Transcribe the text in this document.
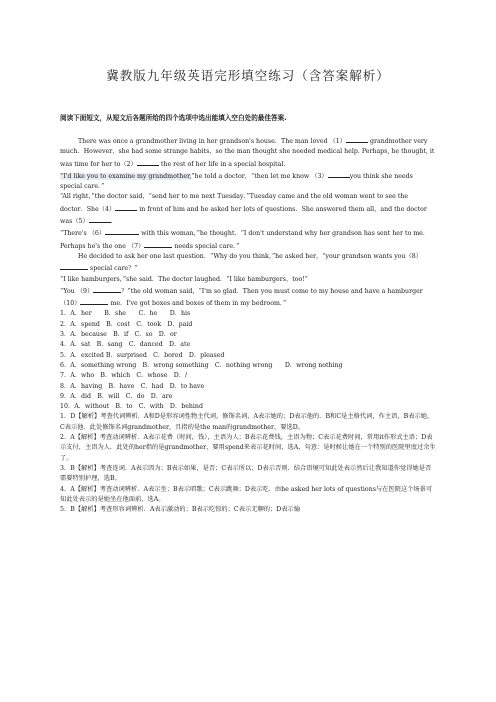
冀教版九年级英语完形填空练习（含答案解析）
阅读下面短文，从短文后各题所给的四个选项中选出能填入空白处的最佳答案.

There was once a grandmother living in her grandson's house．The man loved （1）	grandmother very much．However，she had some strange habits，so the man thought she needed medical help. Perhaps, he thought, it was time for her to（2）	the rest of her life in a special hospital.

“I'd like you to examine my grandmother,”he told a doctor，“then let me know （3）	you think she needs special care．”

“All right，”the doctor said，“send her to me next Tuesday．”Tuesday came and the old woman went to see the doctor．She（4）	in front of him and he asked her lots of questions．She answered them all，and the doctor was（5）	.

“There's （6）	with this woman，”he thought．“I don't understand why her grandson has sent her to me．Perhaps he's the one （7）	needs special care．”

He decided to ask her one last question．“Why do you think，”he asked her，“your grandson wants you（8） special care？”

“I like hamburgers，”she said．The doctor laughed．“I like hamburgers，too!”

“You （9）	？”the old woman said，“I'm so glad．Then you must come to my house and have a hamburger（10）	me．I've got boxes and boxes of them in my bedroom．”

1．A．her　　B．she　　C．he　　D．his

2．A．spend　B．cost　C．took　D．paid

3．A．because　B．if　C．so　D．or

4．A．sat　B．sang　C．danced　D．ate

5．A．excited B．surprised　C．bored　D．pleased

6．A．something wrong　B．wrong something　C．nothing wrong　　D．wrong nothing

7．A．who　B．which　C．whose　D．/

8．A．having　B．have　C．had　D．to have

9．A．did　B．will　C．do　D．are

10．A．without　B．to　C．with　D．behind

1．D【解析】考查代词辨析．A和D是形容词性物主代词，修饰名词，A表示她的；D表示他的．B和C是主格代词，作主语，B表示她，C表示他．此处修饰名词grandmother，且指的是the man的grandmother，要选D。

2．A【解析】考查动词辨析．A表示花费（时间，钱），主语为人；B表示花费钱，主语为物；C表示花费时间，常用it作形式主语；D表示支付，主语为人．此处的her指的是grandmother，要用spend来表示花时间，选A，句意：是时候让她在一个特别的医院里度过余生了。

3．B【解析】考查连词．A表示因为；B表示如果，是否；C表示所以；D表示否则．结合语境可知此处表示然后让我知道你觉得她是否需要特别护理，选B。

4．A【解析】考查动词辨析．A表示坐；B表示唱歌；C表示跳舞；D表示吃．由he asked her lots of questions与在医院这个场景可知此处表示的是她坐在他面前，选A。

5．B【解析】考查形容词辨析．A表示激动的；B表示吃惊的；C表示无聊的；D表示愉
